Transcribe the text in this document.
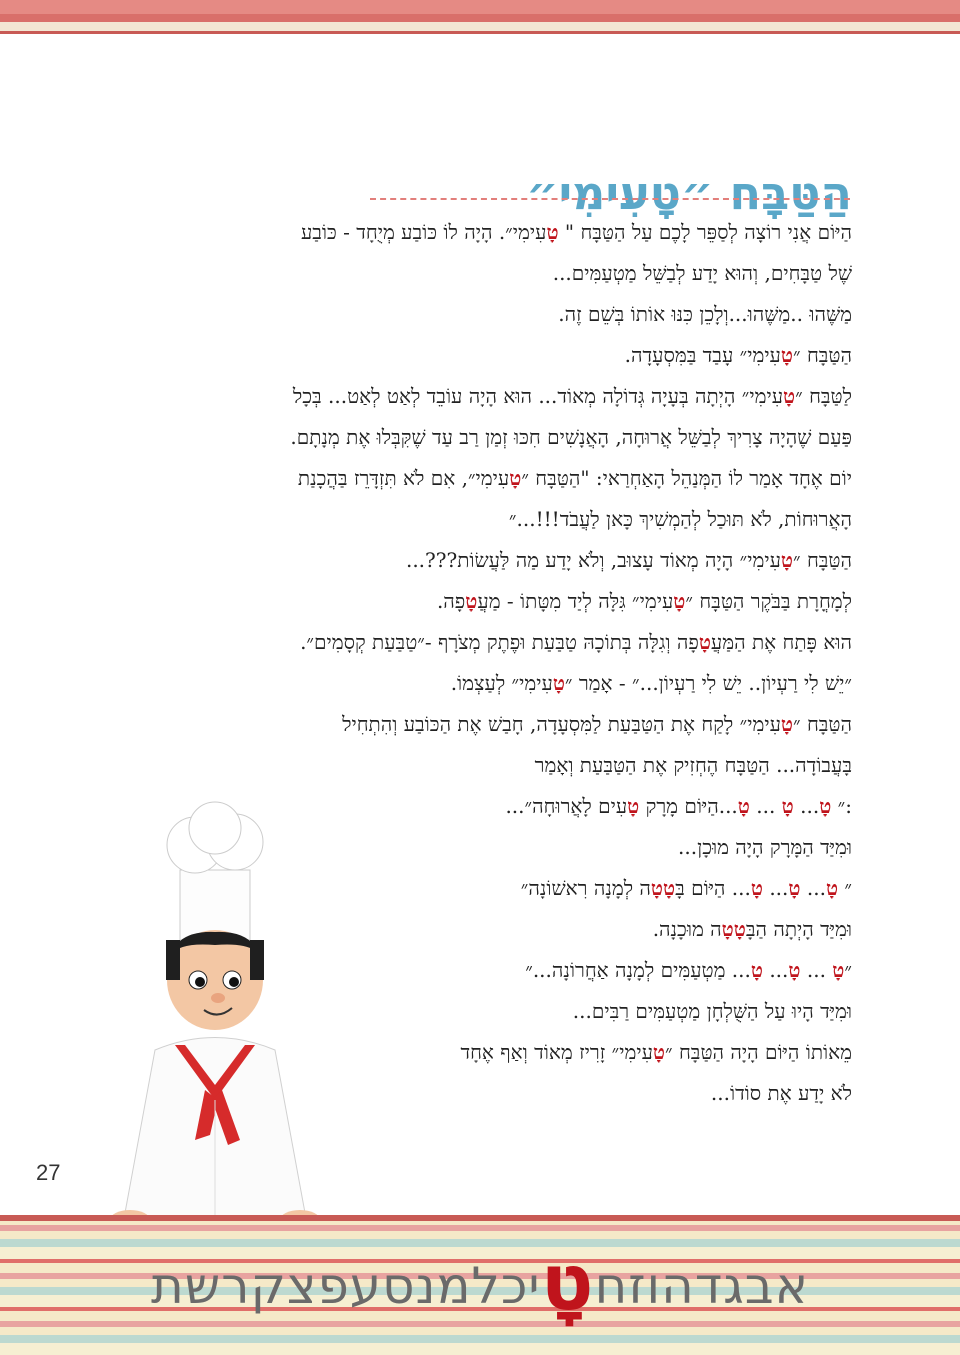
הַטַּבָּח ״טָעִימִי״

הַיּוֹם אֲנִי רוֹצָה לְסַפֵּר לָכֶם עַל הַטַּבָּח " טָעִימִי״. הָיָה לוֹ כּוֹבַע מְיֻחָד - כּוֹבַע

שֶׁל טַבָּחִים, וְהוּא יָדַע לְבַשֵּׁל מַטְעַמִּים...

מַשֶּׁהוּ ..מַשֶּׁהוּ...וְלָכֵן כִּנּוּ אוֹתוֹ בְּשֵׁם זֶה.

הַטַּבָּח ״טָעִימִי״ עָבַד בַּמִּסְעָדָה.

לַטַּבָּח ״טָעִימִי״ הָיְתָה בְּעָיָה גְּדוֹלָה מְאוֹד... הוּא הָיָה עוֹבֵד לְאַט לְאַט... בְּכָל

פַּעַם שֶׁהָיָה צָרִיךְ לְבַשֵּׁל אֲרוּחָה, הָאֲנָשִׁים חִכּוּ זְמַן רַב עַד שֶׁקִּבְּלוּ אֶת מְנָתָם.

יוֹם אֶחָד אָמַר לוֹ הַמְּנַהֵל הָאַחְרַאי: "הַטַּבָּח ״טָעִימִי״, אִם לֹא תִּזְדָּרֵז בַּהֲכָנַת

הָאֲרוּחוֹת, לֹא תּוּכַל לְהַמְשִׁיךְ כָּאן לַעֲבֹד!!!...״

הַטַּבָּח ״טָעִימִי״ הָיָה מְאוֹד עָצוּב, וְלֹא יָדַע מַה לַּעֲשׂוֹת???...

לְמָחֳרָת בַּבֹּקֶר הַטַּבָּח ״טָעִימִי״ גִּלָּה לְיַד מִטָּתוֹ - מַעֲטָפָה.

הוּא פָּתַח אֶת הַמַּעֲטָפָה וְגִלָּה בְּתוֹכָהּ טַבַּעַת וּפֶתֶק מְצֹרָף -״טַבַּעַת קְסָמִים״.

״יֵשׁ לִי רַעְיוֹן.. יֵשׁ לִי רַעְיוֹן...״ - אָמַר ״טָעִימִי״ לְעַצְמוֹ.

הַטַּבָּח ״טָעִימִי״ לָקַח אֶת הַטַּבַּעַת לַמִּסְעָדָה, חָבַשׁ אֶת הַכּוֹבַע וְהִתְחִיל

בָּעֲבוֹדָה... הַטַּבָּח הֶחְזִיק אֶת הַטַּבַּעַת וְאָמַר

:״ טָ... טָ ... טָ...הַיּוֹם מָרָק טָעִים לָאֲרוּחָה״...

וּמִיַּד הַמָּרָק הָיָה מוּכָן...

״ טָ... טָ... טָ... הַיּוֹם בָּטָטָה לְמָנָה רִאשׁוֹנָה״

וּמִיַּד הָיְתָה הַבָּטָטָה מוּכָנָה.

״טָ ... טָ... טָ... מַטְעַמִּים לְמָנָה אַחֲרוֹנָה...״

וּמִיַּד הָיוּ עַל הַשֻּׁלְחָן מַטְעַמִּים רַבִּים...

מֵאוֹתוֹ הַיּוֹם הָיָה הַטַּבָּח ״טָעִימִי״ זָרִיז מְאוֹד וְאַף אֶחָד

לֹא יָדַע אֶת סוֹדוֹ...

27
אבגדהוזחטָיכלמנסעפצקרשת
